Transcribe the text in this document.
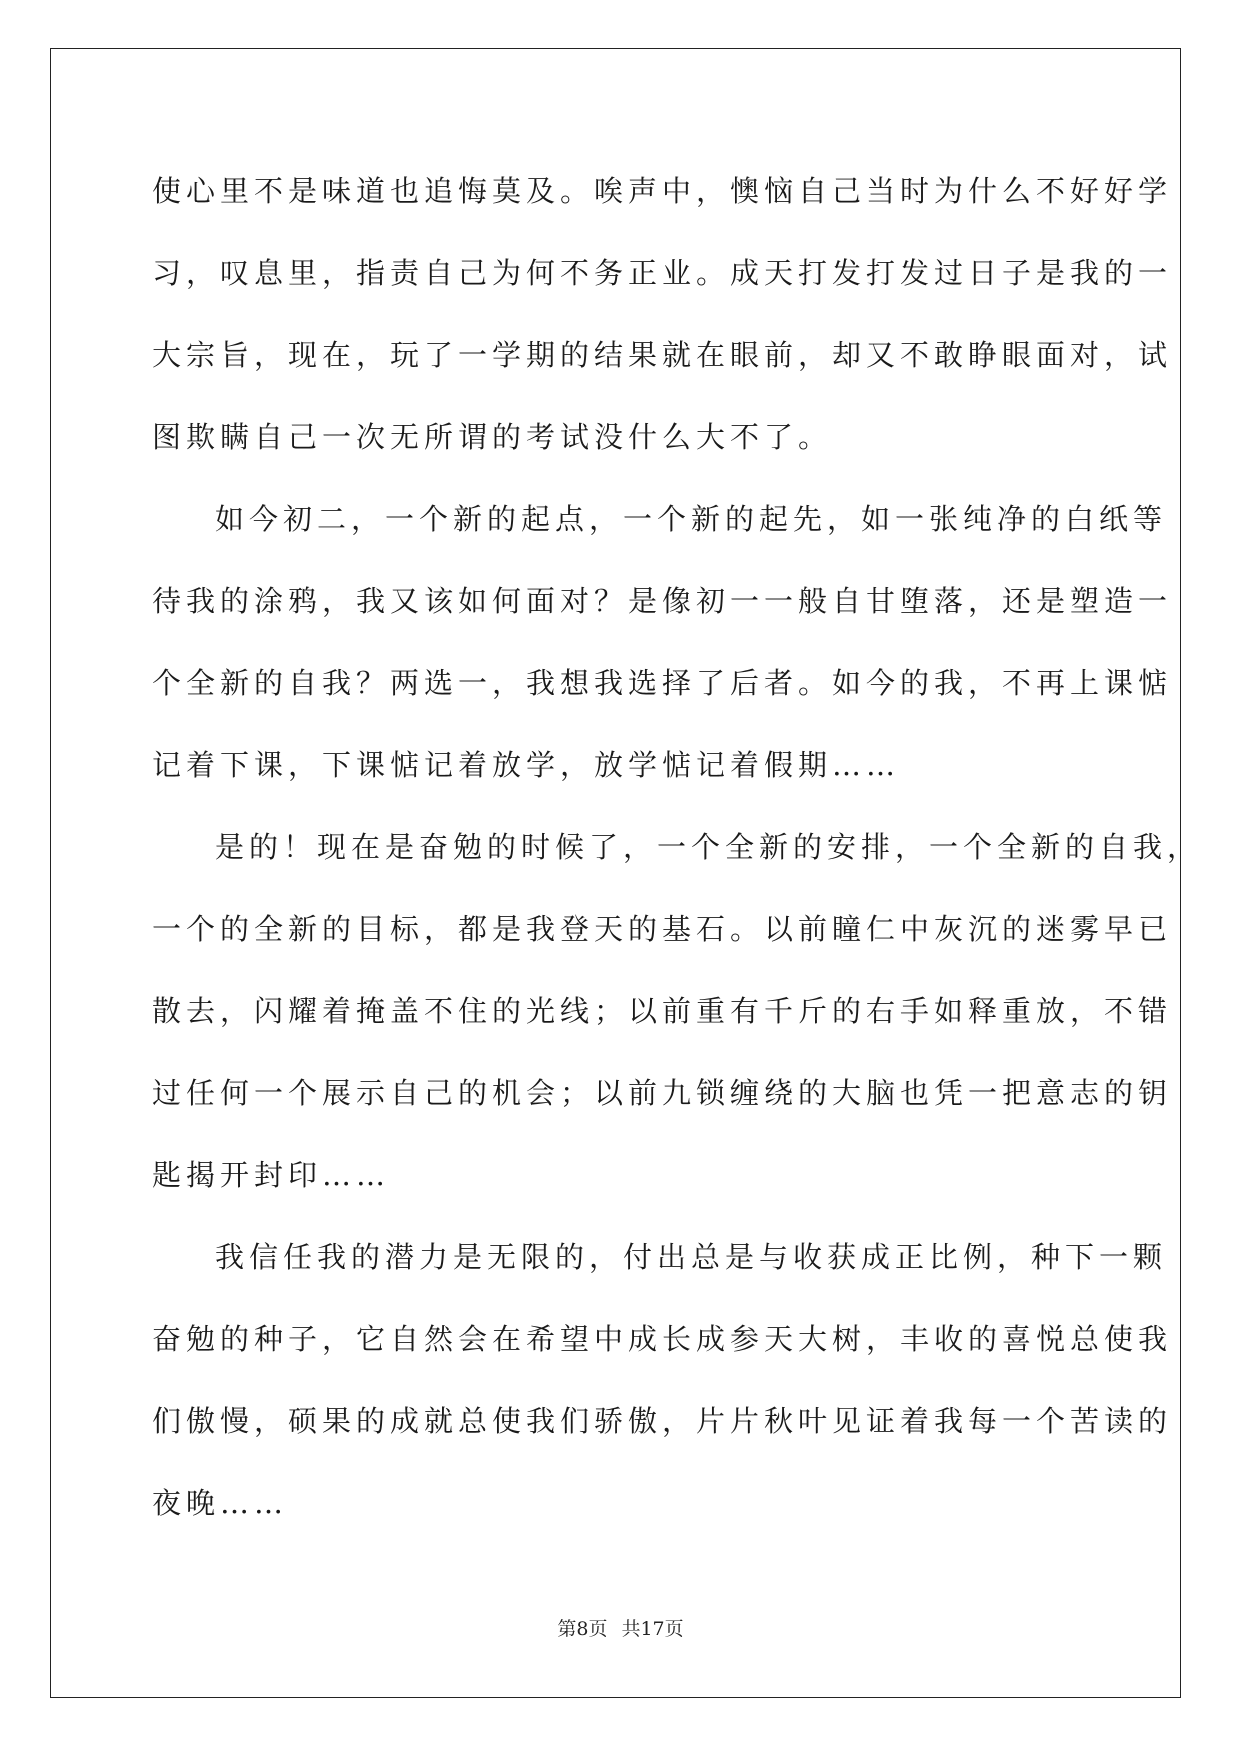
使心里不是味道也追悔莫及。唉声中，懊恼自己当时为什么不好好学
习，叹息里，指责自己为何不务正业。成天打发打发过日子是我的一
大宗旨，现在，玩了一学期的结果就在眼前，却又不敢睁眼面对，试
图欺瞒自己一次无所谓的考试没什么大不了。
如今初二，一个新的起点，一个新的起先，如一张纯净的白纸等
待我的涂鸦，我又该如何面对？是像初一一般自甘堕落，还是塑造一
个全新的自我？两选一，我想我选择了后者。如今的我，不再上课惦
记着下课，下课惦记着放学，放学惦记着假期……
是的！现在是奋勉的时候了，一个全新的安排，一个全新的自我，
一个的全新的目标，都是我登天的基石。以前瞳仁中灰沉的迷雾早已
散去，闪耀着掩盖不住的光线；以前重有千斤的右手如释重放，不错
过任何一个展示自己的机会；以前九锁缠绕的大脑也凭一把意志的钥
匙揭开封印……
我信任我的潜力是无限的，付出总是与收获成正比例，种下一颗
奋勉的种子，它自然会在希望中成长成参天大树，丰收的喜悦总使我
们傲慢，硕果的成就总使我们骄傲，片片秋叶见证着我每一个苦读的
夜晚……
第8页 共17页
